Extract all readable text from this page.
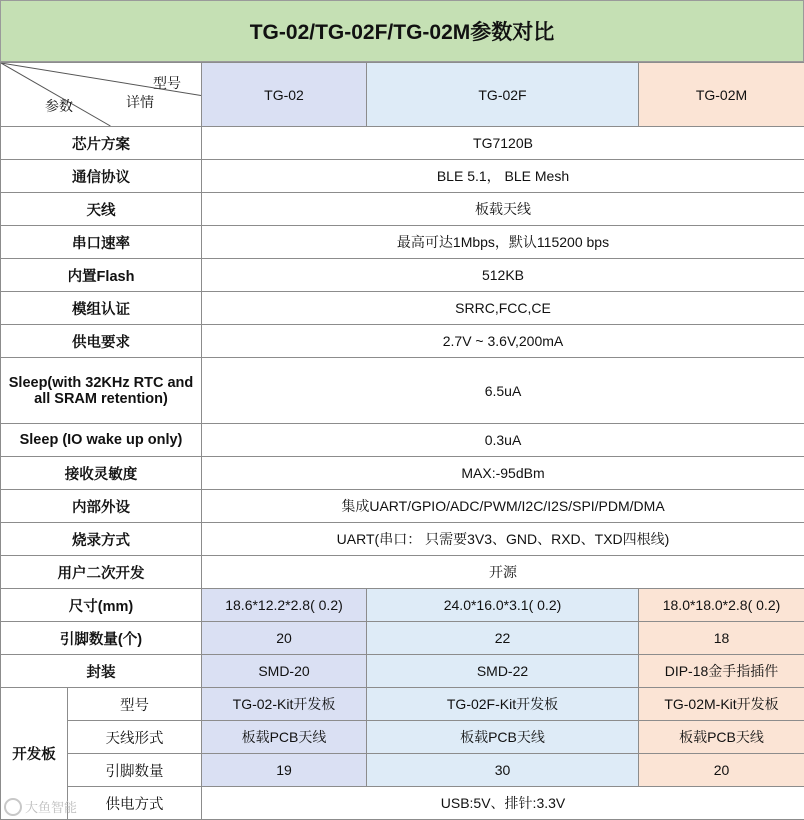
TG-02/TG-02F/TG-02M参数对比
型号
参数 详情		TG-02	TG-02F	TG-02M
芯片方案		TG7120B		
通信协议		BLE 5.1， BLE Mesh		
天线		板载天线		
串口速率		最高可达1Mbps，默认115200 bps		
内置Flash		512KB		
模组认证		SRRC,FCC,CE		
供电要求		2.7V ~ 3.6V,200mA		
Sleep(with 32KHz RTC and all SRAM retention)		6.5uA		
Sleep (IO wake up only)		0.3uA		
接收灵敏度		MAX:-95dBm		
内部外设		集成UART/GPIO/ADC/PWM/I2C/I2S/SPI/PDM/DMA		
烧录方式		UART(串口： 只需要3V3、GND、RXD、TXD四根线)		
用户二次开发		开源		
尺寸(mm)		18.6*12.2*2.8( 0.2)	24.0*16.0*3.1( 0.2)	18.0*18.0*2.8( 0.2)
引脚数量(个)		20	22	18
封装		SMD-20	SMD-22	DIP-18金手指插件
开发板	型号	TG-02-Kit开发板	TG-02F-Kit开发板	TG-02M-Kit开发板
	天线形式	板载PCB天线	板载PCB天线	板载PCB天线
	引脚数量	19	30	20
	供电方式	USB:5V、排针:3.3V		
大鱼智能
